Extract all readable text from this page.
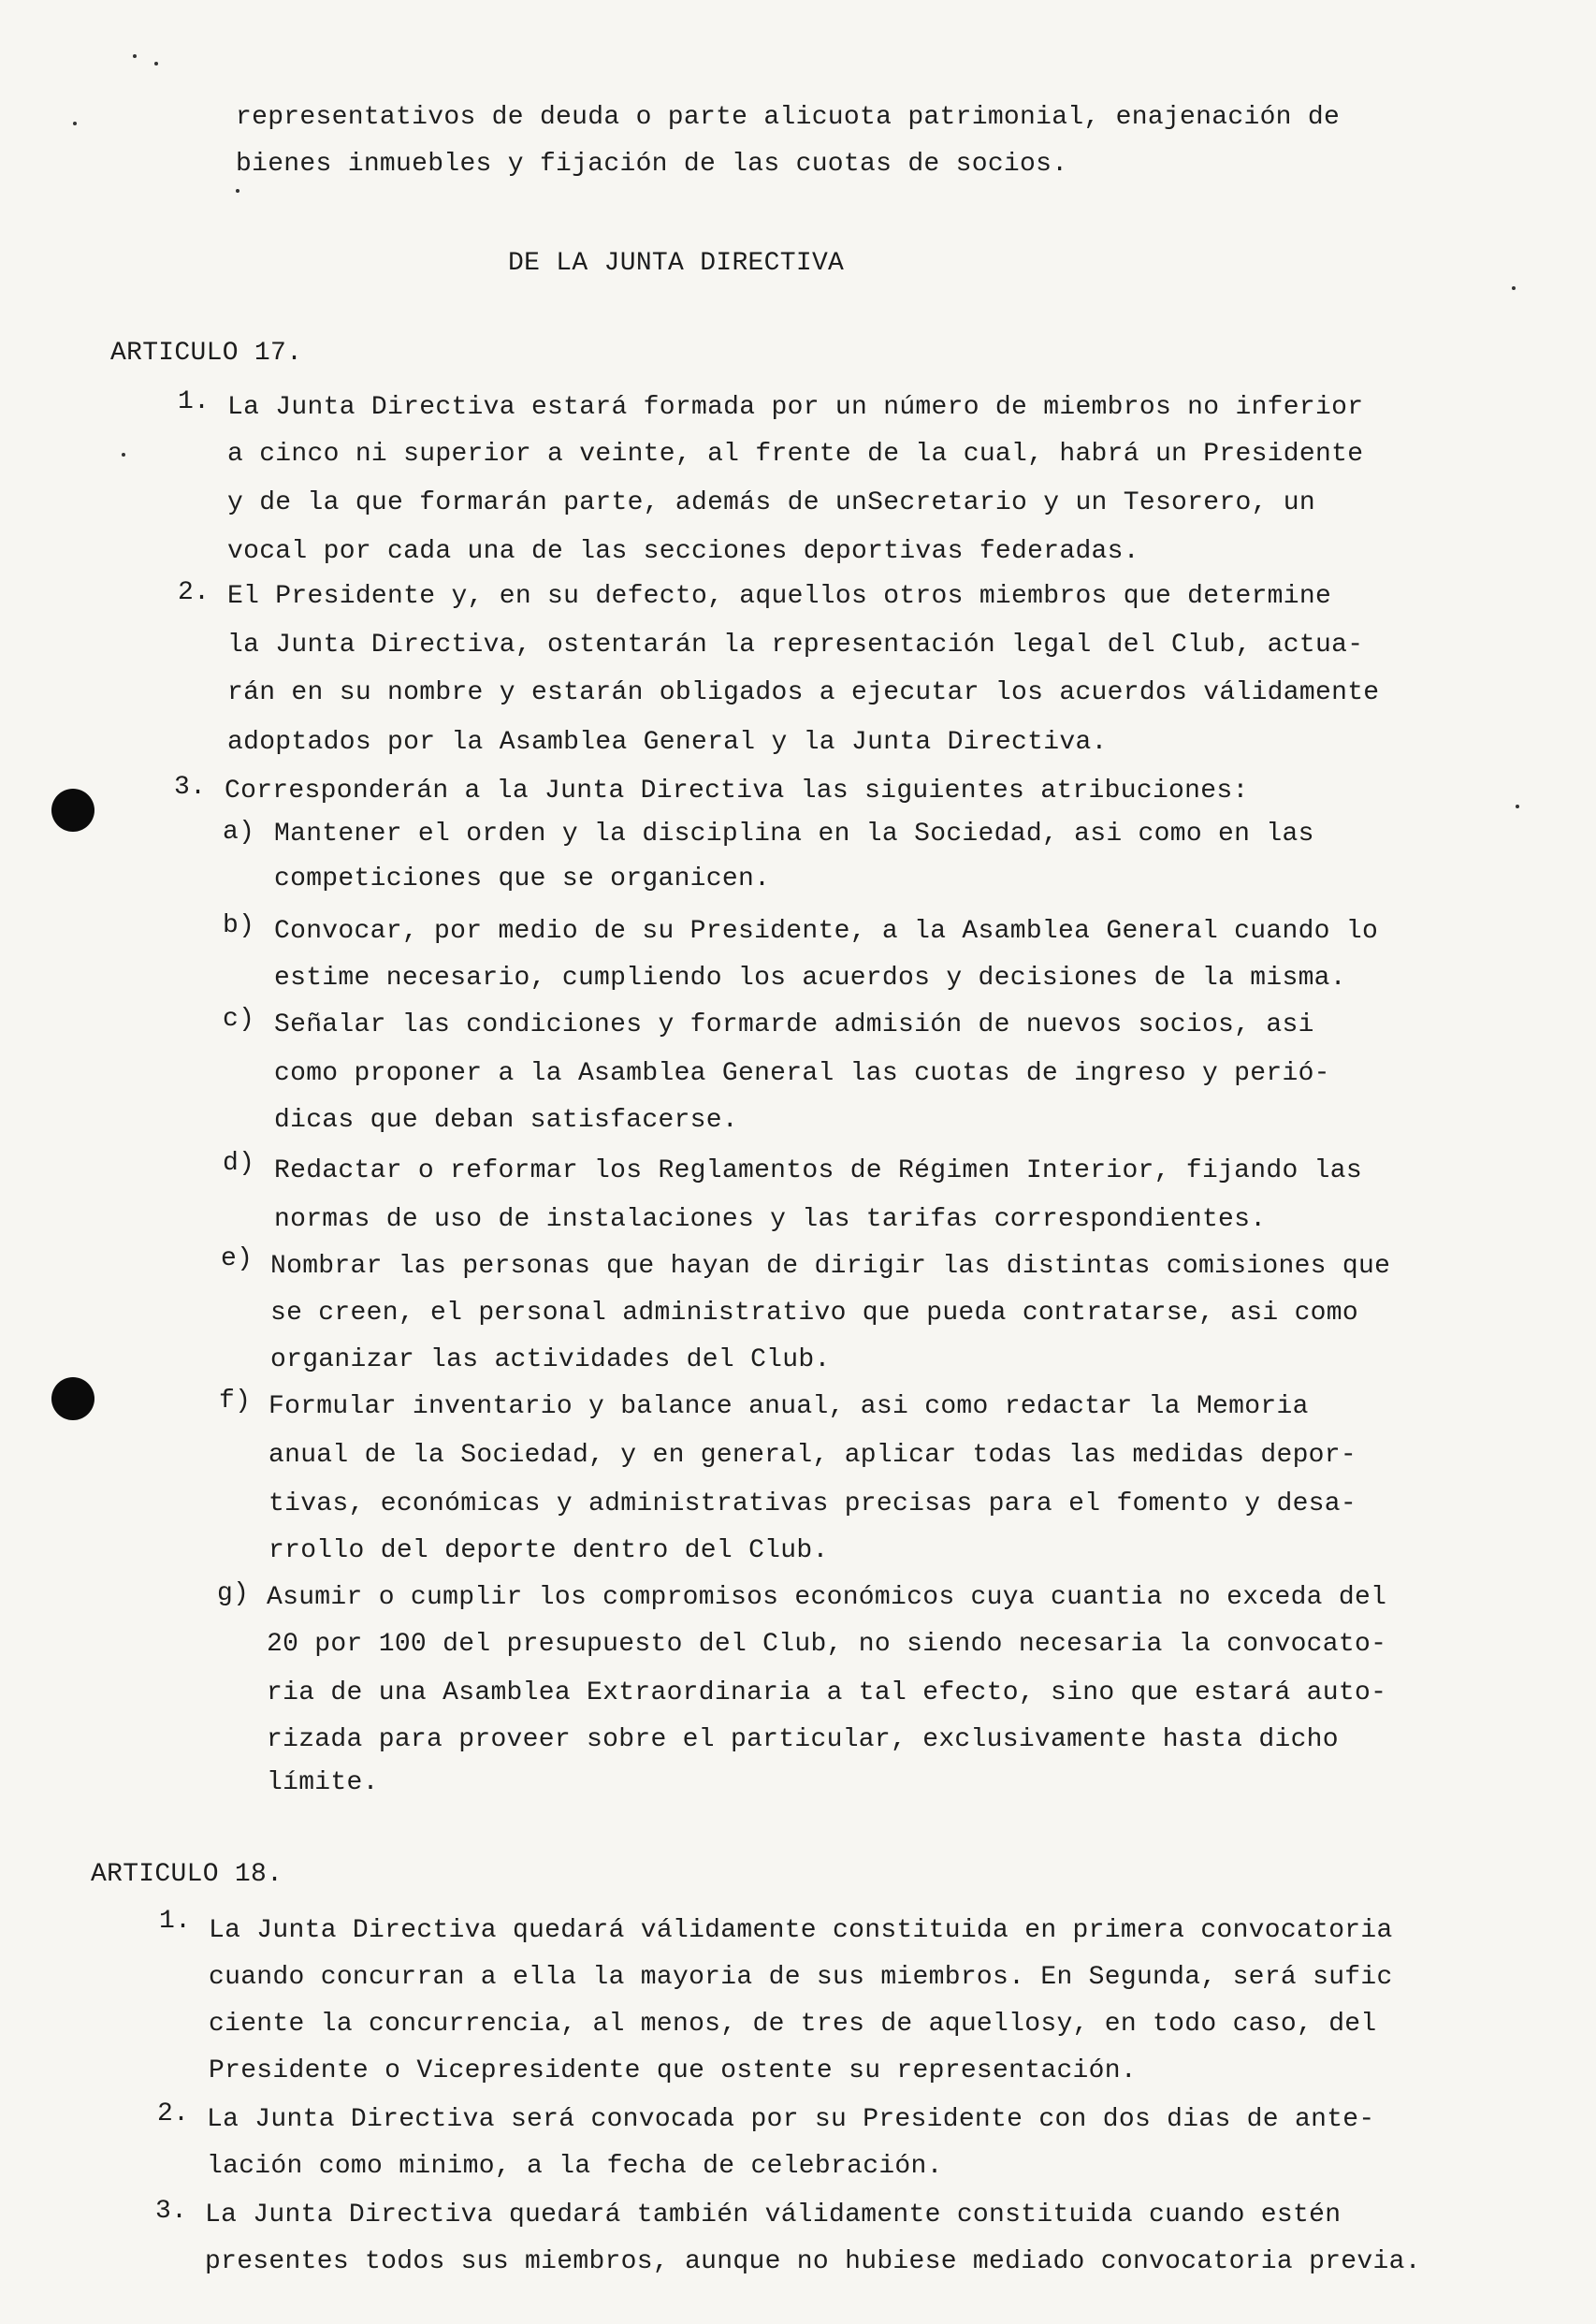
representativos de deuda o parte alicuota patrimonial, enajenación de
bienes inmuebles y fijación de las cuotas de socios.
DE LA JUNTA DIRECTIVA
ARTICULO 17.
1. La Junta Directiva estará formada por un número de miembros no inferior
a cinco ni superior a veinte, al frente de la cual, habrá un Presidente
y de la que formarán parte, además de unSecretario y un Tesorero, un
vocal por cada una de las secciones deportivas federadas.
2. El Presidente y, en su defecto, aquellos otros miembros que determine
la Junta Directiva, ostentarán la representación legal del Club, actua-
rán en su nombre y estarán obligados a ejecutar los acuerdos válidamente
adoptados por la Asamblea General y la Junta Directiva.
3. Corresponderán a la Junta Directiva las siguientes atribuciones:
a) Mantener el orden y la disciplina en la Sociedad, asi como en las
competiciones que se organicen.
b) Convocar, por medio de su Presidente, a la Asamblea General cuando lo
estime necesario, cumpliendo los acuerdos y decisiones de la misma.
c) Señalar las condiciones y formarde admisión de nuevos socios, asi
como proponer a la Asamblea General las cuotas de ingreso y perió-
dicas que deban satisfacerse.
d) Redactar o reformar los Reglamentos de Régimen Interior, fijando las
normas de uso de instalaciones y las tarifas correspondientes.
e) Nombrar las personas que hayan de dirigir las distintas comisiones que
se creen, el personal administrativo que pueda contratarse, asi como
organizar las actividades del Club.
f) Formular inventario y balance anual, asi como redactar la Memoria
anual de la Sociedad, y en general, aplicar todas las medidas depor-
tivas, económicas y administrativas precisas para el fomento y desa-
rrollo del deporte dentro del Club.
g) Asumir o cumplir los compromisos económicos cuya cuantia no exceda del
20 por 100 del presupuesto del Club, no siendo necesaria la convocato-
ria de una Asamblea Extraordinaria a tal efecto, sino que estará auto-
rizada para proveer sobre el particular, exclusivamente hasta dicho
límite.
ARTICULO 18.
1. La Junta Directiva quedará válidamente constituida en primera convocatoria
cuando concurran a ella la mayoria de sus miembros. En Segunda, será sufic
ciente la concurrencia, al menos, de tres de aquellosy, en todo caso, del
Presidente o Vicepresidente que ostente su representación.
2. La Junta Directiva será convocada por su Presidente con dos dias de ante-
lación como minimo, a la fecha de celebración.
3. La Junta Directiva quedará también válidamente constituida cuando estén
presentes todos sus miembros, aunque no hubiese mediado convocatoria previa.
